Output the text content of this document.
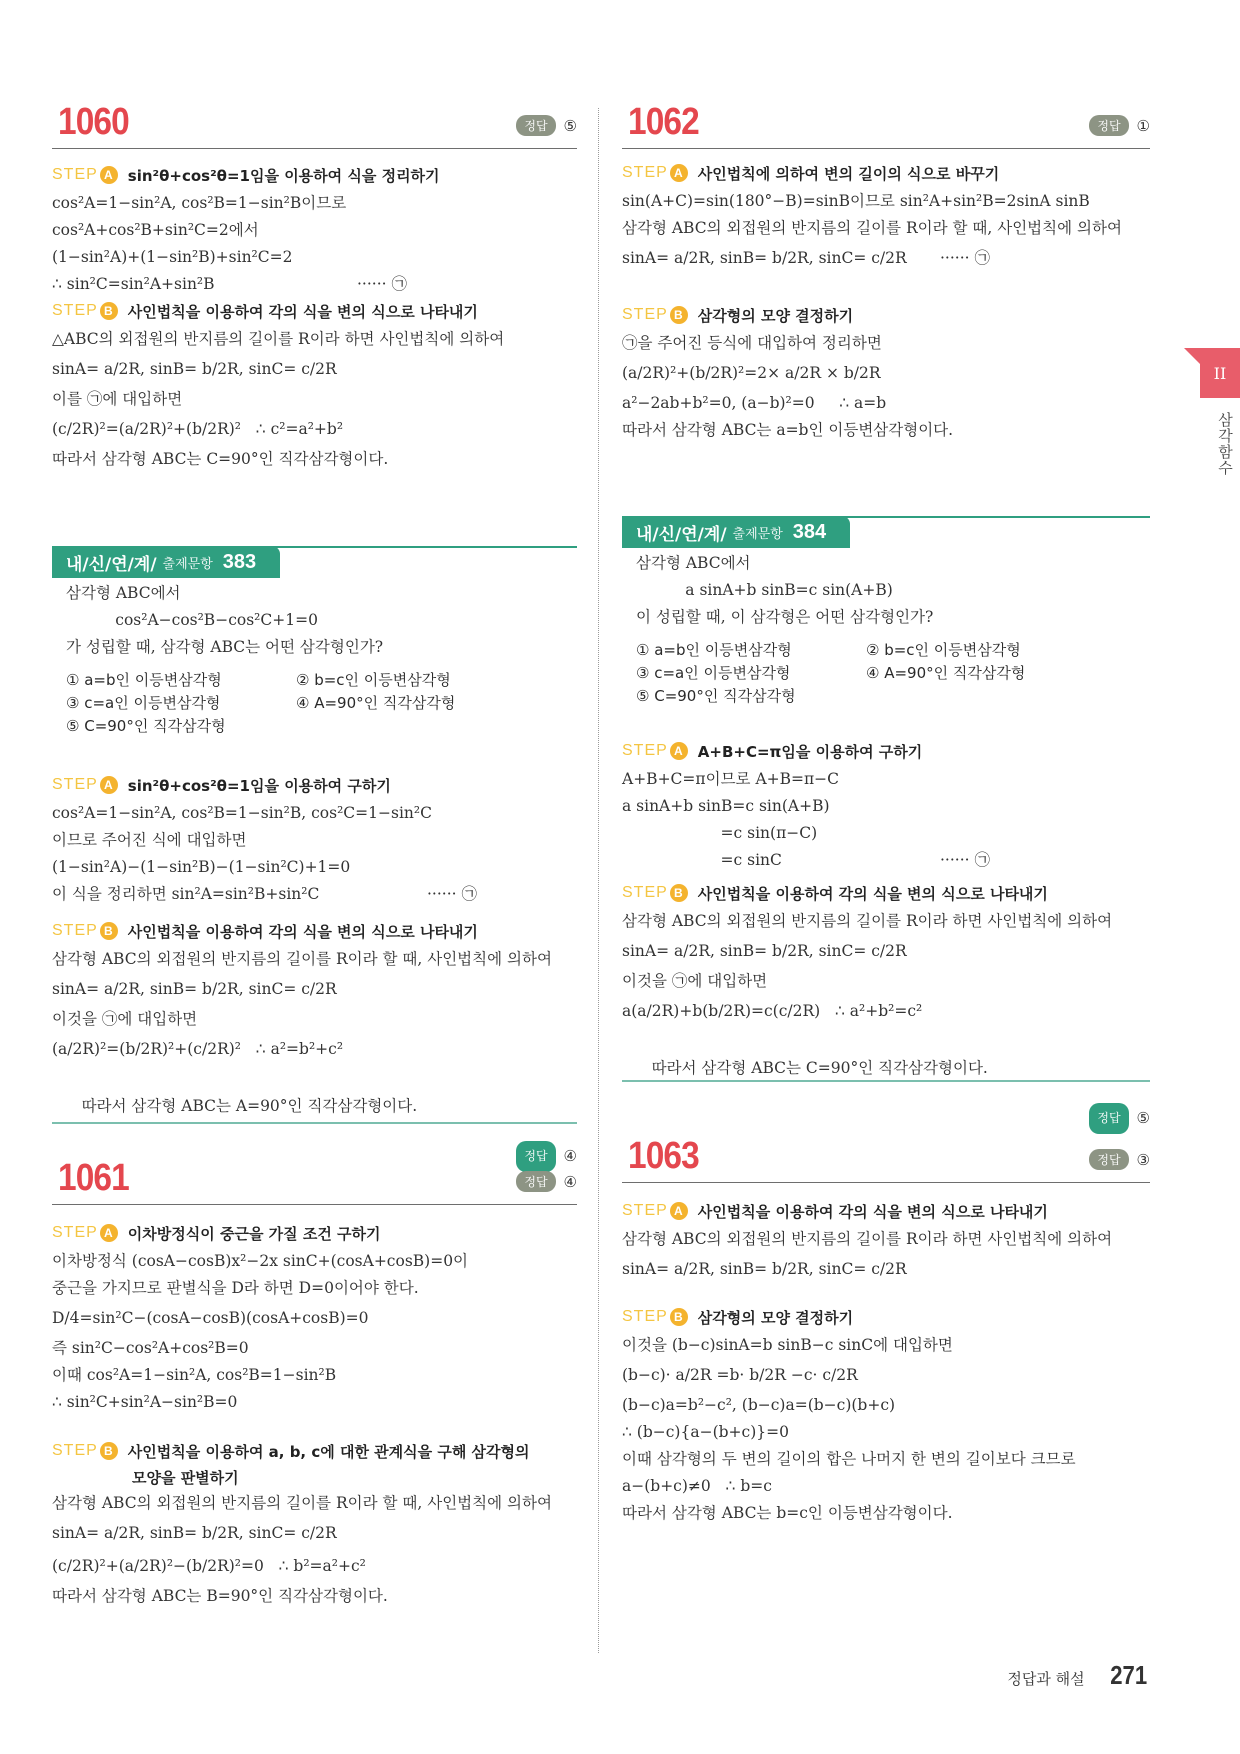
1060	정답	⑤
STEP A sin²θ+cos²θ=1임을 이용하여 식을 정리하기
cos²A=1−sin²A, cos²B=1−sin²B이므로
cos²A+cos²B+sin²C=2에서
(1−sin²A)+(1−sin²B)+sin²C=2
∴ sin²C=sin²A+sin²B	······ ㉠
STEP B 사인법칙을 이용하여 각의 식을 변의 식으로 나타내기
△ABC의 외접원의 반지름의 길이를 R이라 하면 사인법칙에 의하여
sinA= a/2R, sinB= b/2R, sinC= c/2R
이를 ㉠에 대입하면
(c/2R)²=(a/2R)²+(b/2R)²   ∴ c²=a²+b²
따라서 삼각형 ABC는 C=90°인 직각삼각형이다.
내/신/연/계/ 출제문항 383
삼각형 ABC에서
cos²A−cos²B−cos²C+1=0
가 성립할 때, 삼각형 ABC는 어떤 삼각형인가?
① a=b인 이등변삼각형	② b=c인 이등변삼각형
③ c=a인 이등변삼각형	④ A=90°인 직각삼각형
⑤ C=90°인 직각삼각형
STEP A sin²θ+cos²θ=1임을 이용하여 구하기
cos²A=1−sin²A, cos²B=1−sin²B, cos²C=1−sin²C
이므로 주어진 식에 대입하면
(1−sin²A)−(1−sin²B)−(1−sin²C)+1=0
이 식을 정리하면 sin²A=sin²B+sin²C	······ ㉠
STEP B 사인법칙을 이용하여 각의 식을 변의 식으로 나타내기
삼각형 ABC의 외접원의 반지름의 길이를 R이라 할 때, 사인법칙에 의하여
sinA= a/2R, sinB= b/2R, sinC= c/2R
이것을 ㉠에 대입하면
(a/2R)²=(b/2R)²+(c/2R)²   ∴ a²=b²+c²

따라서 삼각형 ABC는 A=90°인 직각삼각형이다.

정답	④

1061	정답	④
STEP A 이차방정식이 중근을 가질 조건 구하기
이차방정식 (cosA−cosB)x²−2x sinC+(cosA+cosB)=0이
중근을 가지므로 판별식을 D라 하면 D=0이어야 한다.
D/4=sin²C−(cosA−cosB)(cosA+cosB)=0
즉 sin²C−cos²A+cos²B=0
이때 cos²A=1−sin²A, cos²B=1−sin²B
∴ sin²C+sin²A−sin²B=0
STEP B 사인법칙을 이용하여 a, b, c에 대한 관계식을 구해 삼각형의
모양을 판별하기
삼각형 ABC의 외접원의 반지름의 길이를 R이라 할 때, 사인법칙에 의하여
sinA= a/2R, sinB= b/2R, sinC= c/2R
(c/2R)²+(a/2R)²−(b/2R)²=0   ∴ b²=a²+c²
따라서 삼각형 ABC는 B=90°인 직각삼각형이다.
1062	정답	①
STEP A 사인법칙에 의하여 변의 길이의 식으로 바꾸기
sin(A+C)=sin(180°−B)=sinB이므로 sin²A+sin²B=2sinA sinB
삼각형 ABC의 외접원의 반지름의 길이를 R이라 할 때, 사인법칙에 의하여
sinA= a/2R, sinB= b/2R, sinC= c/2R ······ ㉠
STEP B 삼각형의 모양 결정하기
㉠을 주어진 등식에 대입하여 정리하면
(a/2R)²+(b/2R)²=2× a/2R × b/2R
a²−2ab+b²=0, (a−b)²=0     ∴ a=b
따라서 삼각형 ABC는 a=b인 이등변삼각형이다.
내/신/연/계/ 출제문항 384
삼각형 ABC에서
a sinA+b sinB=c sin(A+B)
이 성립할 때, 이 삼각형은 어떤 삼각형인가?
① a=b인 이등변삼각형	② b=c인 이등변삼각형
③ c=a인 이등변삼각형	④ A=90°인 직각삼각형
⑤ C=90°인 직각삼각형
STEP A A+B+C=π임을 이용하여 구하기
A+B+C=π이므로 A+B=π−C
a sinA+b sinB=c sin(A+B)
=c sin(π−C)
=c sinC	······ ㉠
STEP B 사인법칙을 이용하여 각의 식을 변의 식으로 나타내기
삼각형 ABC의 외접원의 반지름의 길이를 R이라 하면 사인법칙에 의하여
sinA= a/2R, sinB= b/2R, sinC= c/2R
이것을 ㉠에 대입하면
a(a/2R)+b(b/2R)=c(c/2R)   ∴ a²+b²=c²

따라서 삼각형 ABC는 C=90°인 직각삼각형이다.

정답	⑤

1063	정답	③
STEP A 사인법칙을 이용하여 각의 식을 변의 식으로 나타내기
삼각형 ABC의 외접원의 반지름의 길이를 R이라 하면 사인법칙에 의하여
sinA= a/2R, sinB= b/2R, sinC= c/2R
STEP B 삼각형의 모양 결정하기
이것을 (b−c)sinA=b sinB−c sinC에 대입하면
(b−c)· a/2R =b· b/2R −c· c/2R
(b−c)a=b²−c², (b−c)a=(b−c)(b+c)
∴ (b−c){a−(b+c)}=0
이때 삼각형의 두 변의 길이의 합은 나머지 한 변의 길이보다 크므로
a−(b+c)≠0   ∴ b=c
따라서 삼각형 ABC는 b=c인 이등변삼각형이다.
II
삼각함수
정답과 해설 271
